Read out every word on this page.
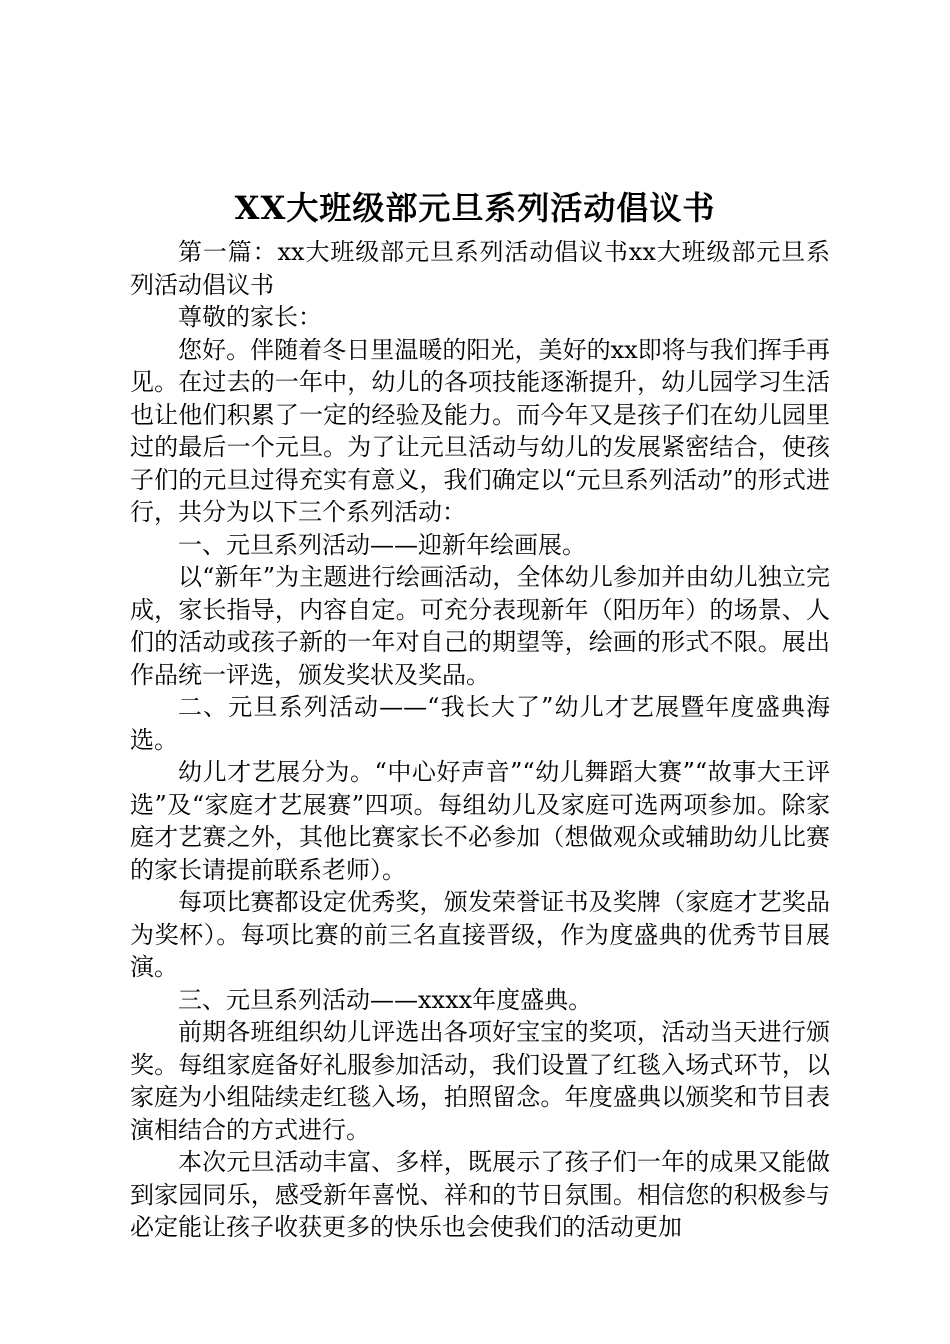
XX大班级部元旦系列活动倡议书

第一篇：xx大班级部元旦系列活动倡议书xx大班级部元旦系列活动倡议书

尊敬的家长：

您好。伴随着冬日里温暖的阳光，美好的xx即将与我们挥手再见。在过去的一年中，幼儿的各项技能逐渐提升，幼儿园学习生活也让他们积累了一定的经验及能力。而今年又是孩子们在幼儿园里过的最后一个元旦。为了让元旦活动与幼儿的发展紧密结合，使孩子们的元旦过得充实有意义，我们确定以“元旦系列活动”的形式进行，共分为以下三个系列活动：

一、元旦系列活动——迎新年绘画展。

以“新年”为主题进行绘画活动，全体幼儿参加并由幼儿独立完成，家长指导，内容自定。可充分表现新年（阳历年）的场景、人们的活动或孩子新的一年对自己的期望等，绘画的形式不限。展出作品统一评选，颁发奖状及奖品。

二、元旦系列活动——“我长大了”幼儿才艺展暨年度盛典海选。

幼儿才艺展分为。“中心好声音”“幼儿舞蹈大赛”“故事大王评选”及“家庭才艺展赛”四项。每组幼儿及家庭可选两项参加。除家庭才艺赛之外，其他比赛家长不必参加（想做观众或辅助幼儿比赛的家长请提前联系老师）。

每项比赛都设定优秀奖，颁发荣誉证书及奖牌（家庭才艺奖品为奖杯）。每项比赛的前三名直接晋级，作为度盛典的优秀节目展演。

三、元旦系列活动——xxxx年度盛典。

前期各班组织幼儿评选出各项好宝宝的奖项，活动当天进行颁奖。每组家庭备好礼服参加活动，我们设置了红毯入场式环节，以家庭为小组陆续走红毯入场，拍照留念。年度盛典以颁奖和节目表演相结合的方式进行。

本次元旦活动丰富、多样，既展示了孩子们一年的成果又能做到家园同乐，感受新年喜悦、祥和的节日氛围。相信您的积极参与必定能让孩子收获更多的快乐也会使我们的活动更加
